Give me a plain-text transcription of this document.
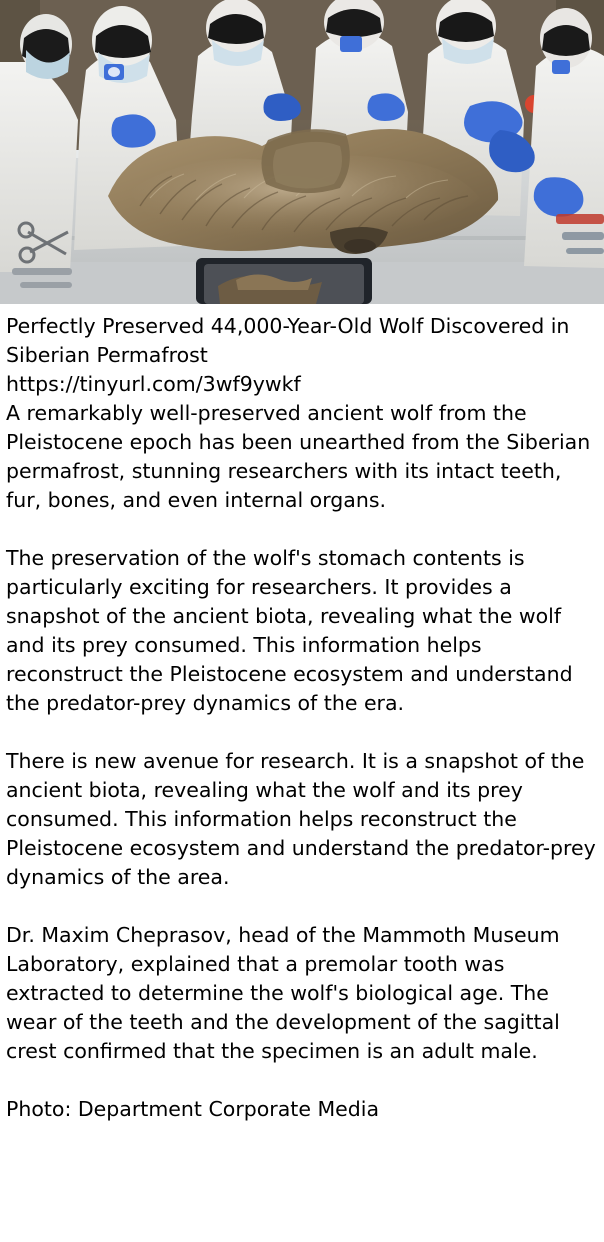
Perfectly Preserved 44,000-Year-Old Wolf Discovered in Siberian Permafrost

https://tinyurl.com/3wf9ywkf

A remarkably well-preserved ancient wolf from the Pleistocene epoch has been unearthed from the Siberian permafrost, stunning researchers with its intact teeth, fur, bones, and even internal organs.

The preservation of the wolf's stomach contents is particularly exciting for researchers. It provides a snapshot of the ancient biota, revealing what the wolf and its prey consumed. This information helps reconstruct the Pleistocene ecosystem and understand the predator-prey dynamics of the era.

There is new avenue for research. It is a snapshot of the ancient biota, revealing what the wolf and its prey consumed. This information helps reconstruct the Pleistocene ecosystem and understand the predator-prey dynamics of the area.

Dr. Maxim Cheprasov, head of the Mammoth Museum Laboratory, explained that a premolar tooth was extracted to determine the wolf's biological age. The wear of the teeth and the development of the sagittal crest confirmed that the specimen is an adult male.

Photo: Department Corporate Media
